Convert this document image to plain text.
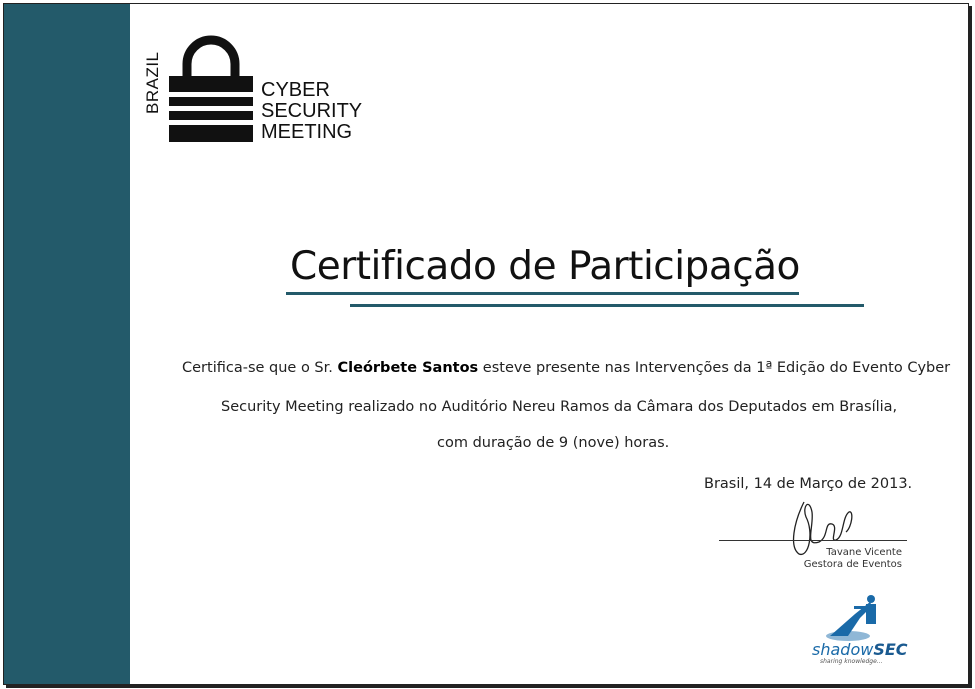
BRAZIL	CYBER
SECURITY
MEETING
Certificado de Participação
Certifica-se que o Sr. Cleórbete Santos esteve presente nas Intervenções da 1ª Edição do Evento Cyber
Security Meeting realizado no Auditório Nereu Ramos da Câmara dos Deputados em Brasília,
com duração de 9 (nove) horas.
Brasil, 14 de Março de 2013.
Tavane Vicente
Gestora de Eventos
shadowSEC
sharing knowledge...
